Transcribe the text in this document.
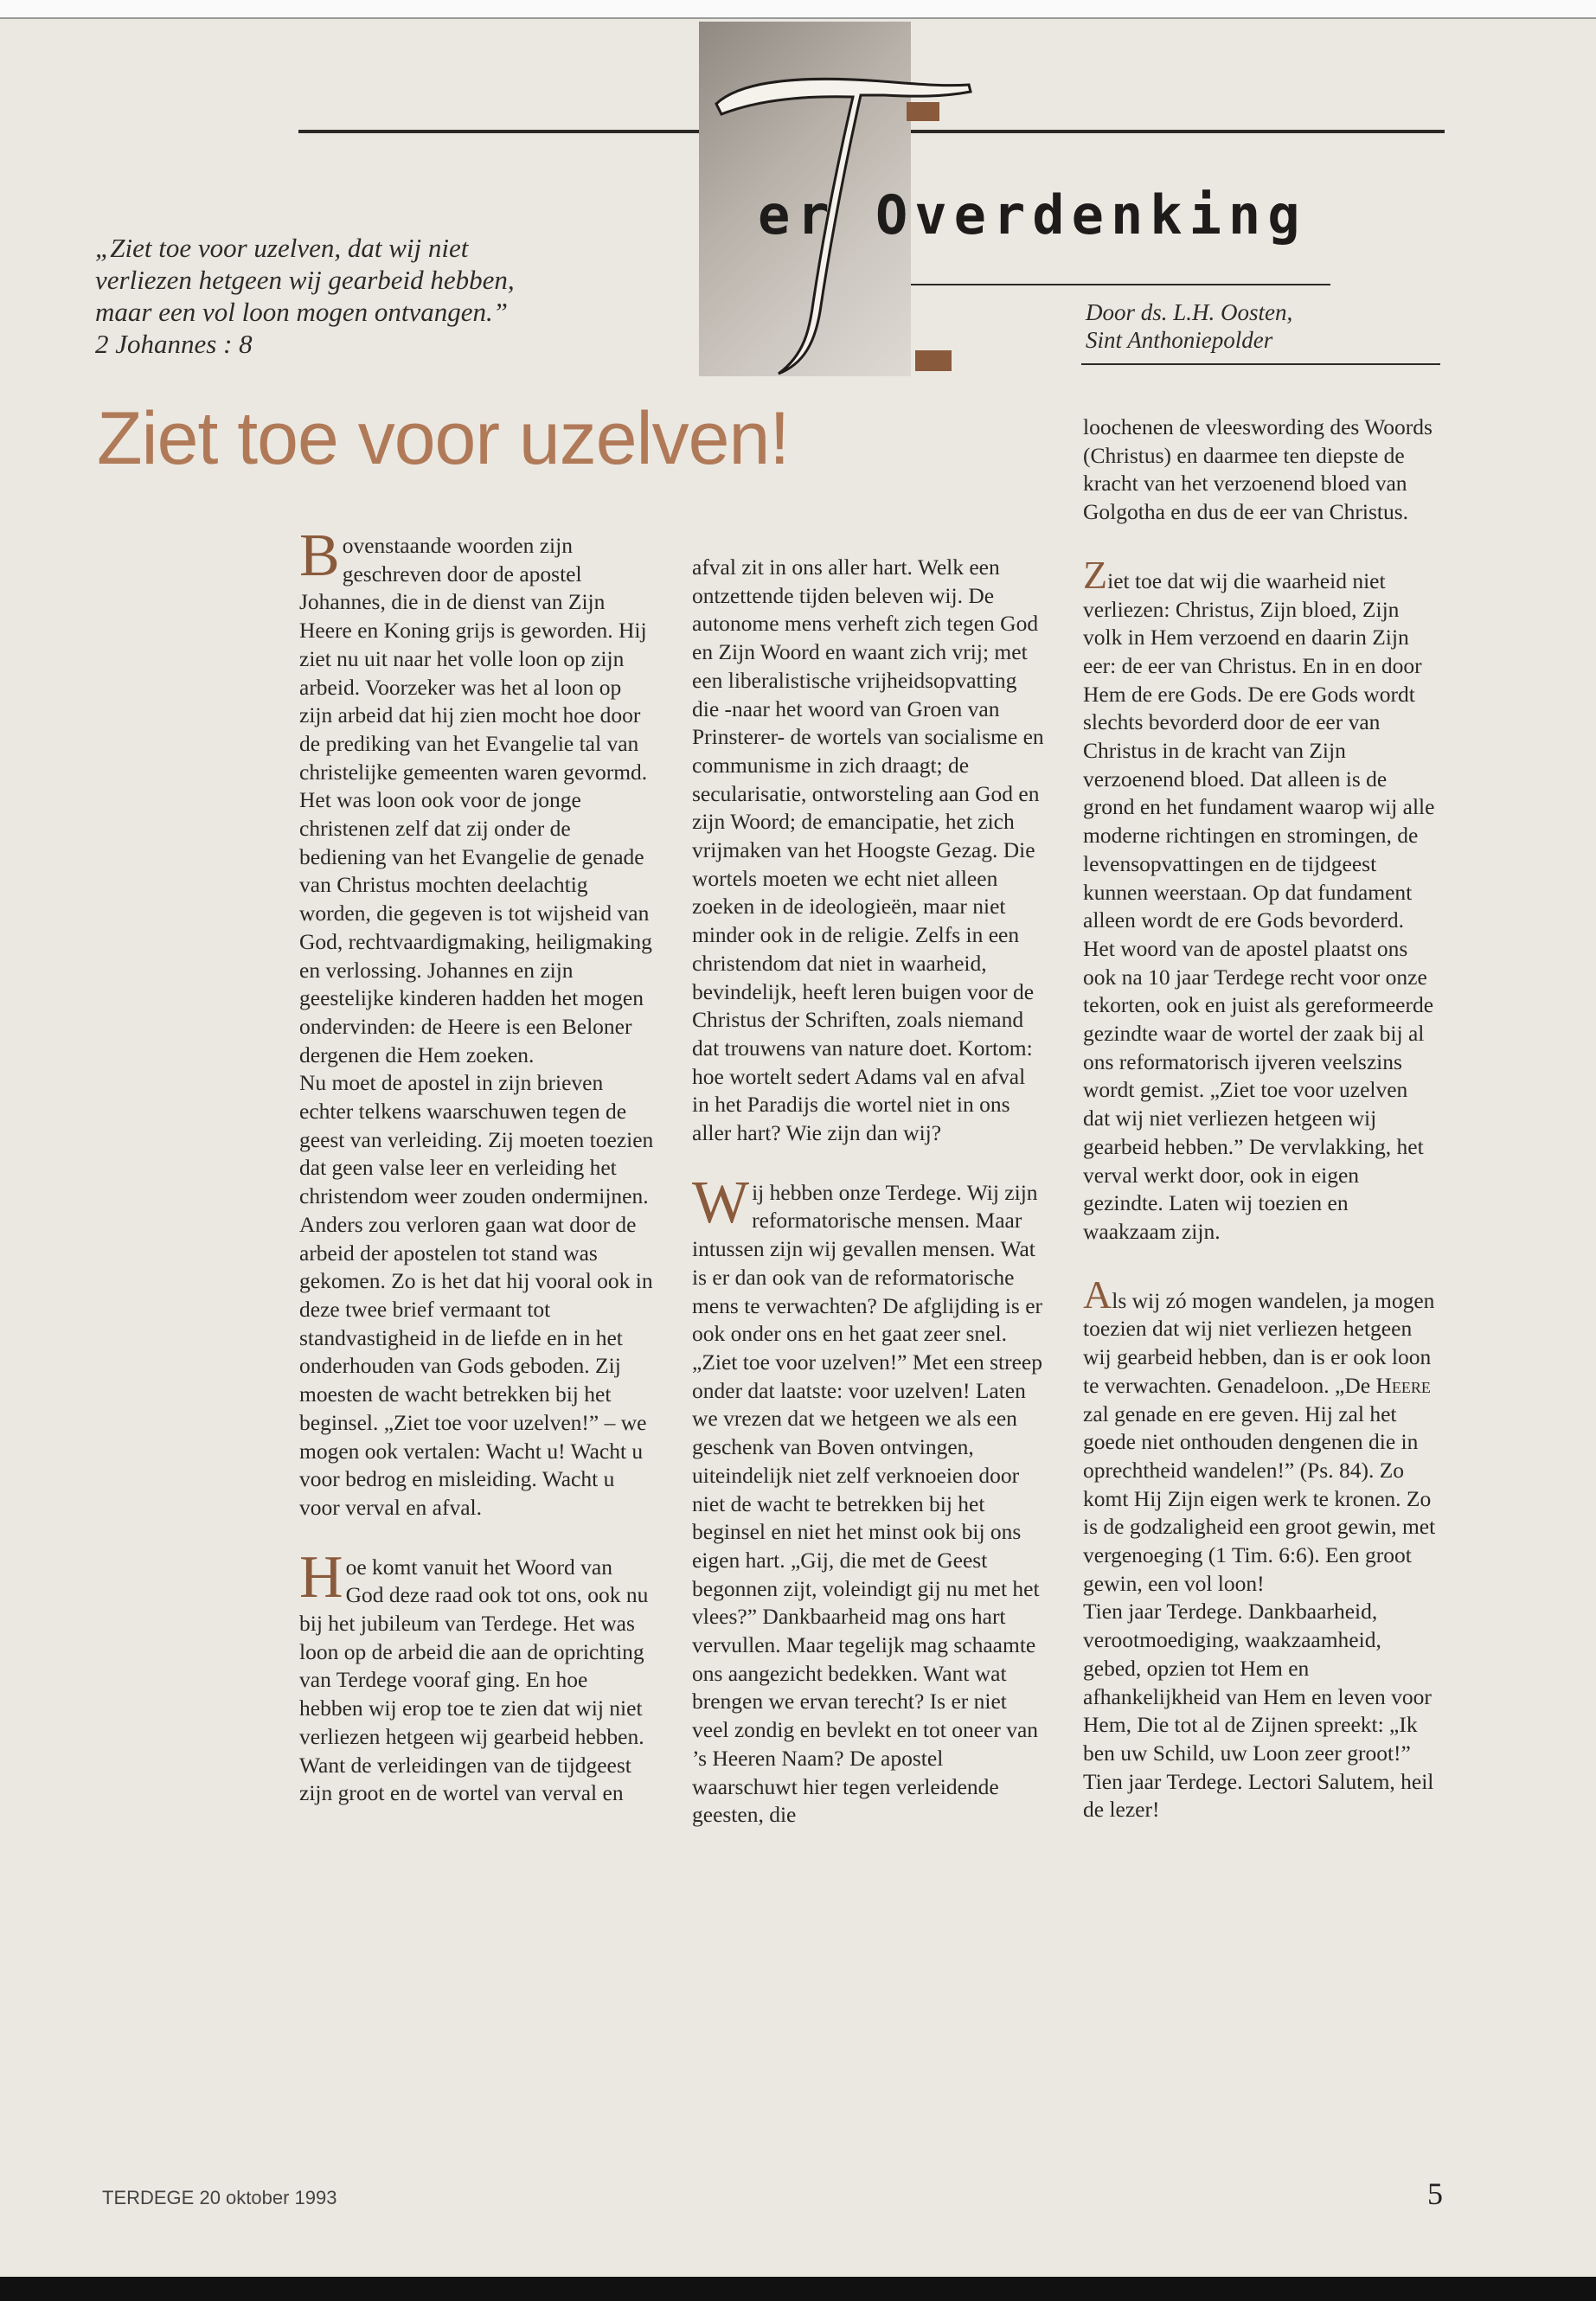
er Overdenking
„Ziet toe voor uzelven, dat wij niet
verliezen hetgeen wij gearbeid hebben,
maar een vol loon mogen ontvangen.”
2 Johannes : 8
Door ds. L.H. Oosten,
Sint Anthoniepolder
Ziet toe voor uzelven!

Bovenstaande woorden zijn geschreven door de apostel Johannes, die in de dienst van Zijn Heere en Koning grijs is geworden. Hij ziet nu uit naar het volle loon op zijn arbeid. Voorzeker was het al loon op zijn arbeid dat hij zien mocht hoe door de prediking van het Evangelie tal van christelijke gemeenten waren gevormd.

Het was loon ook voor de jonge christenen zelf dat zij onder de bediening van het Evangelie de genade van Christus mochten deelachtig worden, die gegeven is tot wijsheid van God, rechtvaardigmaking, heiligmaking en verlossing. Johannes en zijn geestelijke kinderen hadden het mogen ondervinden: de Heere is een Beloner dergenen die Hem zoeken.

Nu moet de apostel in zijn brieven echter telkens waarschuwen tegen de geest van verleiding. Zij moeten toezien dat geen valse leer en verleiding het christendom weer zouden ondermijnen. Anders zou verloren gaan wat door de arbeid der apostelen tot stand was gekomen. Zo is het dat hij vooral ook in deze twee brief vermaant tot standvastigheid in de liefde en in het onderhouden van Gods geboden. Zij moesten de wacht betrekken bij het beginsel. „Ziet toe voor uzelven!” – we mogen ook vertalen: Wacht u! Wacht u voor bedrog en misleiding. Wacht u voor verval en afval.

Hoe komt vanuit het Woord van God deze raad ook tot ons, ook nu bij het jubileum van Terdege. Het was loon op de arbeid die aan de oprichting van Terdege vooraf ging. En hoe hebben wij erop toe te zien dat wij niet verliezen hetgeen wij gearbeid hebben. Want de verleidingen van de tijdgeest zijn groot en de wortel van verval en

afval zit in ons aller hart. Welk een ontzettende tijden beleven wij. De autonome mens verheft zich tegen God en Zijn Woord en waant zich vrij; met een liberalistische vrijheidsopvatting die -naar het woord van Groen van Prinsterer- de wortels van socialisme en communisme in zich draagt; de secularisatie, ontworsteling aan God en zijn Woord; de emancipatie, het zich vrijmaken van het Hoogste Gezag. Die wortels moeten we echt niet alleen zoeken in de ideologieën, maar niet minder ook in de religie. Zelfs in een christendom dat niet in waarheid, bevindelijk, heeft leren buigen voor de Christus der Schriften, zoals niemand dat trouwens van nature doet. Kortom: hoe wortelt sedert Adams val en afval in het Paradijs die wortel niet in ons aller hart? Wie zijn dan wij?

Wij hebben onze Terdege. Wij zijn reformatorische mensen. Maar intussen zijn wij gevallen mensen. Wat is er dan ook van de reformatorische mens te verwachten? De afglijding is er ook onder ons en het gaat zeer snel.

„Ziet toe voor uzelven!” Met een streep onder dat laatste: voor uzelven! Laten we vrezen dat we hetgeen we als een geschenk van Boven ontvingen, uiteindelijk niet zelf verknoeien door niet de wacht te betrekken bij het beginsel en niet het minst ook bij ons eigen hart. „Gij, die met de Geest begonnen zijt, voleindigt gij nu met het vlees?” Dankbaarheid mag ons hart vervullen. Maar tegelijk mag schaamte ons aangezicht bedekken. Want wat brengen we ervan terecht? Is er niet veel zondig en bevlekt en tot oneer van ’s Heeren Naam? De apostel waarschuwt hier tegen verleidende geesten, die

loochenen de vleeswording des Woords (Christus) en daarmee ten diepste de kracht van het verzoenend bloed van Golgotha en dus de eer van Christus.

Ziet toe dat wij die waarheid niet verliezen: Christus, Zijn bloed, Zijn volk in Hem verzoend en daarin Zijn eer: de eer van Christus. En in en door Hem de ere Gods. De ere Gods wordt slechts bevorderd door de eer van Christus in de kracht van Zijn verzoenend bloed. Dat alleen is de grond en het fundament waarop wij alle moderne richtingen en stromingen, de levensopvattingen en de tijdgeest kunnen weerstaan. Op dat fundament alleen wordt de ere Gods bevorderd. Het woord van de apostel plaatst ons ook na 10 jaar Terdege recht voor onze tekorten, ook en juist als gereformeerde gezindte waar de wortel der zaak bij al ons reformatorisch ijveren veelszins wordt gemist. „Ziet toe voor uzelven dat wij niet verliezen hetgeen wij gearbeid hebben.” De vervlakking, het verval werkt door, ook in eigen gezindte. Laten wij toezien en waakzaam zijn.

Als wij zó mogen wandelen, ja mogen toezien dat wij niet verliezen hetgeen wij gearbeid hebben, dan is er ook loon te verwachten. Genadeloon. „De Heere zal genade en ere geven. Hij zal het goede niet onthouden dengenen die in oprechtheid wandelen!” (Ps. 84). Zo komt Hij Zijn eigen werk te kronen. Zo is de godzaligheid een groot gewin, met vergenoeging (1 Tim. 6:6). Een groot gewin, een vol loon!

Tien jaar Terdege. Dankbaarheid, verootmoediging, waakzaamheid, gebed, opzien tot Hem en afhankelijkheid van Hem en leven voor Hem, Die tot al de Zijnen spreekt: „Ik ben uw Schild, uw Loon zeer groot!” Tien jaar Terdege. Lectori Salutem, heil de lezer!

TERDEGE 20 oktober 1993	5
